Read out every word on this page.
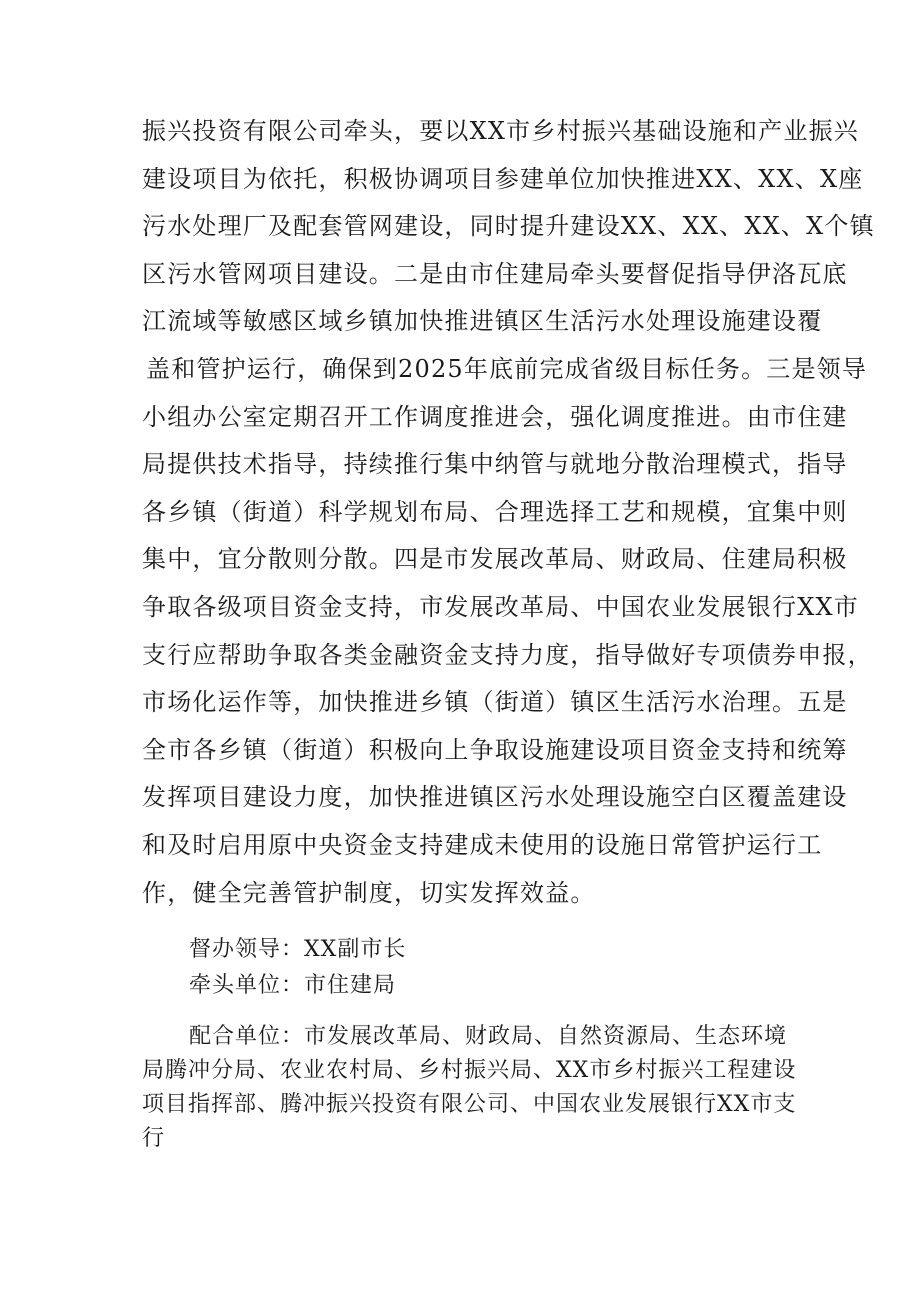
振兴投资有限公司牵头，要以XX市乡村振兴基础设施和产业振兴
建设项目为依托，积极协调项目参建单位加快推进XX、XX、X座
污水处理厂及配套管网建设，同时提升建设XX、XX、XX、X个镇
区污水管网项目建设。二是由市住建局牵头要督促指导伊洛瓦底
江流域等敏感区域乡镇加快推进镇区生活污水处理设施建设覆
盖和管护运行，确保到2025年底前完成省级目标任务。三是领导
小组办公室定期召开工作调度推进会，强化调度推进。由市住建
局提供技术指导，持续推行集中纳管与就地分散治理模式，指导
各乡镇（街道）科学规划布局、合理选择工艺和规模，宜集中则
集中，宜分散则分散。四是市发展改革局、财政局、住建局积极
争取各级项目资金支持，市发展改革局、中国农业发展银行XX市
支行应帮助争取各类金融资金支持力度，指导做好专项债券申报，
市场化运作等，加快推进乡镇（街道）镇区生活污水治理。五是
全市各乡镇（街道）积极向上争取设施建设项目资金支持和统筹
发挥项目建设力度，加快推进镇区污水处理设施空白区覆盖建设
和及时启用原中央资金支持建成未使用的设施日常管护运行工
作，健全完善管护制度，切实发挥效益。
督办领导：XX副市长
牵头单位：市住建局
配合单位：市发展改革局、财政局、自然资源局、生态环境
局腾冲分局、农业农村局、乡村振兴局、XX市乡村振兴工程建设
项目指挥部、腾冲振兴投资有限公司、中国农业发展银行XX市支
行
